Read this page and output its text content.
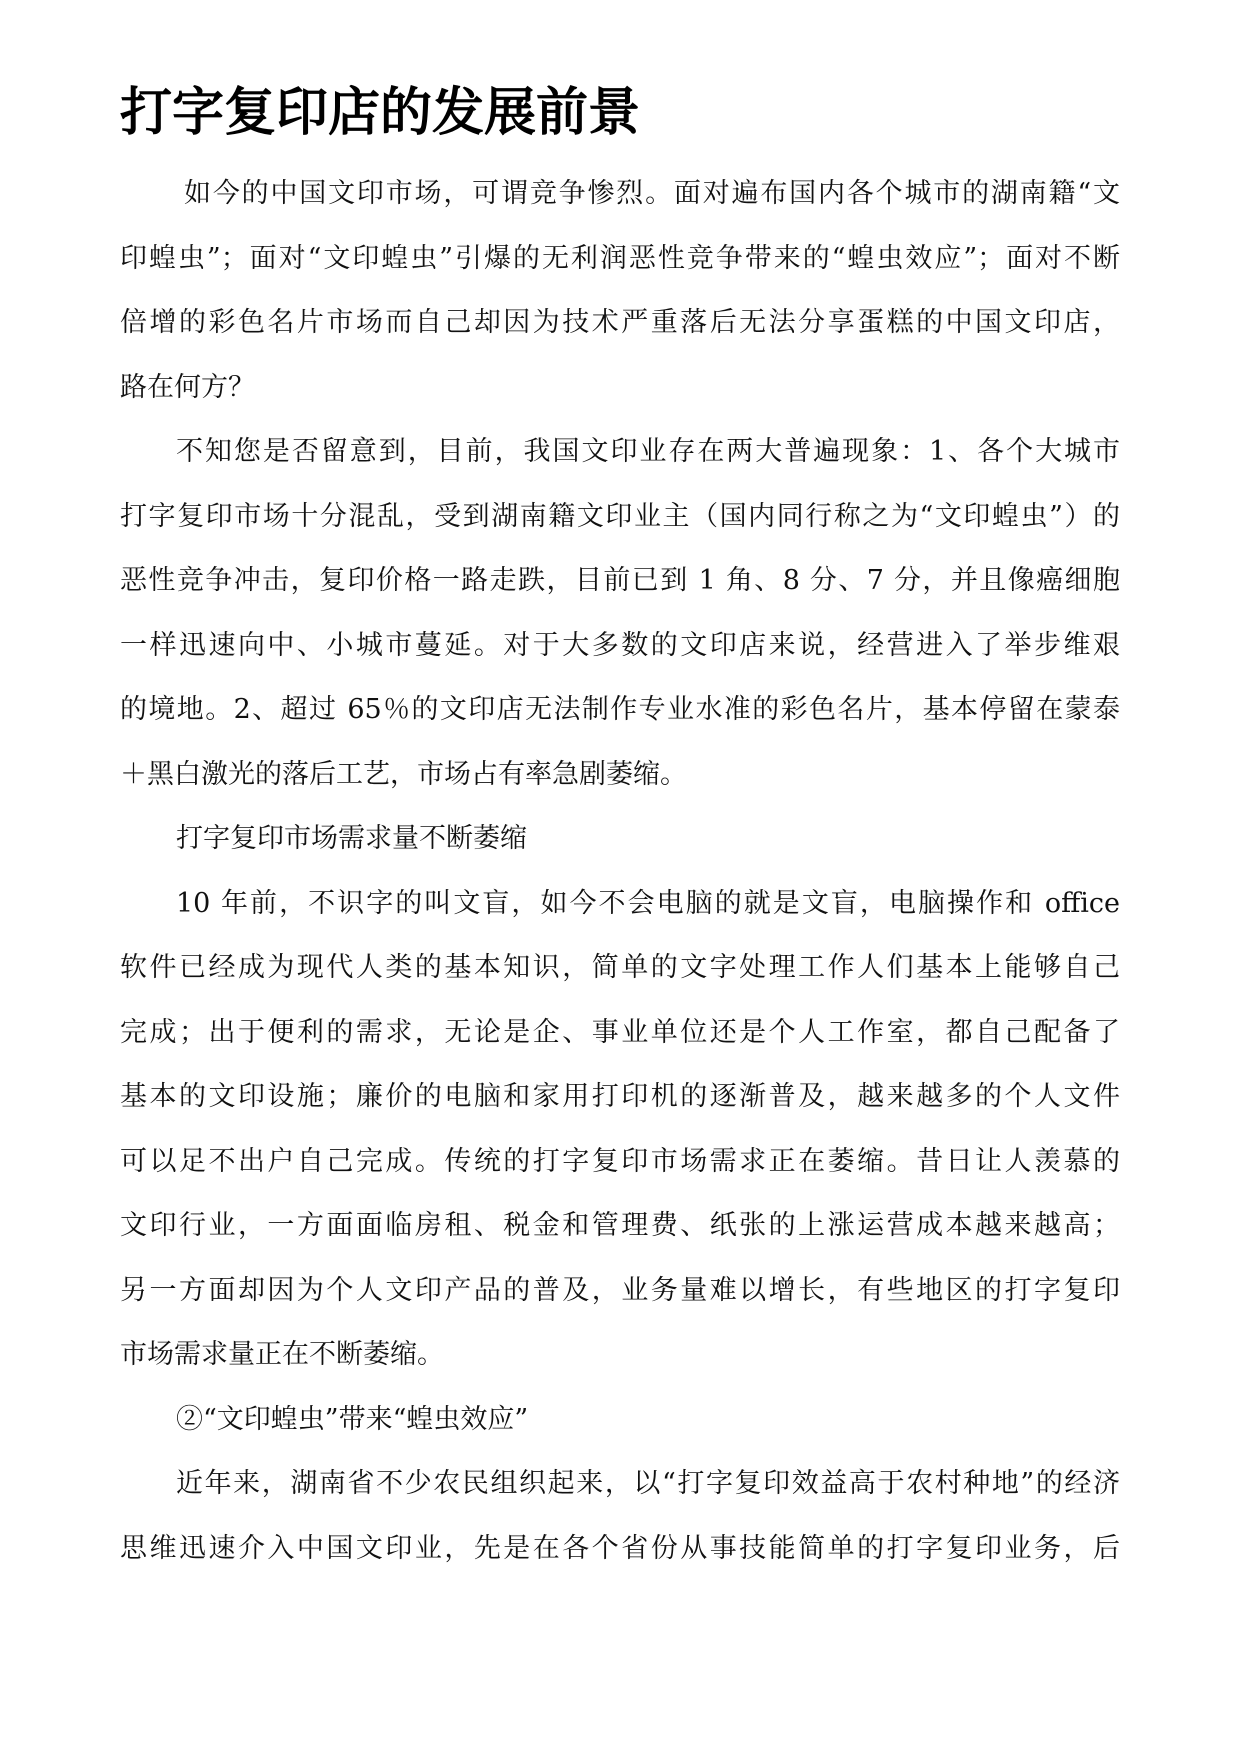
打字复印店的发展前景
如今的中国文印市场，可谓竞争惨烈。面对遍布国内各个城市的湖南籍“文
印蝗虫”；面对“文印蝗虫”引爆的无利润恶性竞争带来的“蝗虫效应”；面对不断
倍增的彩色名片市场而自己却因为技术严重落后无法分享蛋糕的中国文印店，
路在何方？
不知您是否留意到，目前，我国文印业存在两大普遍现象：1、各个大城市
打字复印市场十分混乱，受到湖南籍文印业主（国内同行称之为“文印蝗虫”）的
恶性竞争冲击，复印价格一路走跌，目前已到 1 角、8 分、7 分，并且像癌细胞
一样迅速向中、小城市蔓延。对于大多数的文印店来说，经营进入了举步维艰
的境地。2、超过 65％的文印店无法制作专业水准的彩色名片，基本停留在蒙泰
＋黑白激光的落后工艺，市场占有率急剧萎缩。
打字复印市场需求量不断萎缩
10 年前，不识字的叫文盲，如今不会电脑的就是文盲，电脑操作和 office
软件已经成为现代人类的基本知识，简单的文字处理工作人们基本上能够自己
完成；出于便利的需求，无论是企、事业单位还是个人工作室，都自己配备了
基本的文印设施；廉价的电脑和家用打印机的逐渐普及，越来越多的个人文件
可以足不出户自己完成。传统的打字复印市场需求正在萎缩。昔日让人羡慕的
文印行业，一方面面临房租、税金和管理费、纸张的上涨运营成本越来越高；
另一方面却因为个人文印产品的普及，业务量难以增长，有些地区的打字复印
市场需求量正在不断萎缩。
②“文印蝗虫”带来“蝗虫效应”
近年来，湖南省不少农民组织起来，以“打字复印效益高于农村种地”的经济
思维迅速介入中国文印业，先是在各个省份从事技能简单的打字复印业务，后
